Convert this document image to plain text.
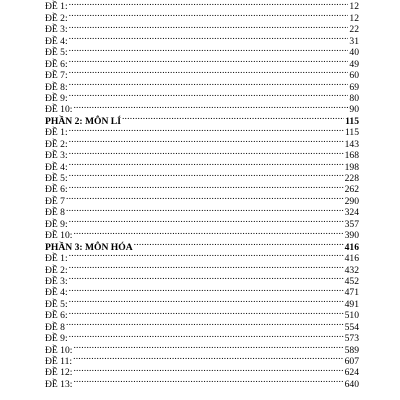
ĐỀ 1: .....	12
ĐỀ 2: .....	12
ĐỀ 3: .....	22
ĐỀ 4: .....	31
ĐỀ 5: .....	40
ĐỀ 6: .....	49
ĐỀ 7: .....	60
ĐỀ 8: .....	69
ĐỀ 9: .....	80
ĐỀ 10: .....	90
PHẦN 2: MÔN LÍ .....	115
ĐỀ 1: .....	115
ĐỀ 2: .....	143
ĐỀ 3: .....	168
ĐỀ 4: .....	198
ĐỀ 5: .....	228
ĐỀ 6: .....	262
ĐỀ 7 .....	290
ĐỀ 8 .....	324
ĐỀ 9: .....	357
ĐỀ 10: .....	390
PHẦN 3: MÔN HÓA .....	416
ĐỀ 1: .....	416
ĐỀ 2: .....	432
ĐỀ 3: .....	452
ĐỀ 4: .....	471
ĐỀ 5: .....	491
ĐỀ 6: .....	510
ĐỀ 8 .....	554
ĐỀ 9: .....	573
ĐỀ 10: .....	589
ĐỀ 11: .....	607
ĐỀ 12: .....	624
ĐỀ 13: .....	640
